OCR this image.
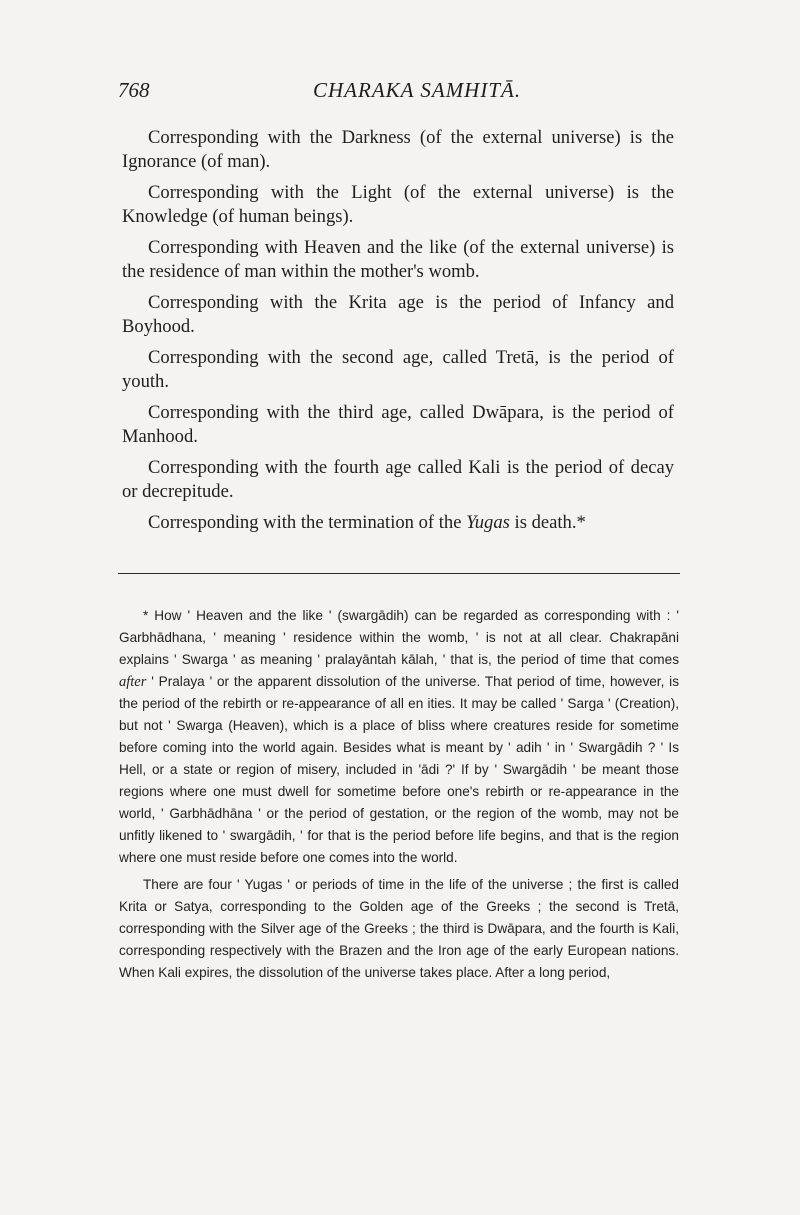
768	CHARAKA SAMHITĀ.

Corresponding with the Darkness (of the external universe) is the Ignorance (of man).

Corresponding with the Light (of the external universe) is the Knowledge (of human beings).

Corresponding with Heaven and the like (of the external universe) is the residence of man within the mother's womb.

Corresponding with the Krita age is the period of Infancy and Boyhood.

Corresponding with the second age, called Tretā, is the period of youth.

Corresponding with the third age, called Dwāpara, is the period of Manhood.

Corresponding with the fourth age called Kali is the period of decay or decrepitude.

Corresponding with the termination of the Yugas is death.*

* How ' Heaven and the like ' (swargādih) can be regarded as corresponding with : ' Garbhādhana, ' meaning ' residence within the womb, ' is not at all clear. Chakrapāni explains ' Swarga ' as meaning ' pralayāntah kālah, ' that is, the period of time that comes after ' Pralaya ' or the apparent dissolution of the universe. That period of time, however, is the period of the rebirth or re-appearance of all en ities. It may be called ' Sarga ' (Creation), but not ' Swarga (Heaven), which is a place of bliss where creatures reside for sometime before coming into the world again. Besides what is meant by ' adih ' in ' Swargādih ? ' Is Hell, or a state or region of misery, included in 'ādi ?' If by ' Swargādih ' be meant those regions where one must dwell for sometime before one's rebirth or re-appearance in the world, ' Garbhādhāna ' or the period of gestation, or the region of the womb, may not be unfitly likened to ' swargādih, ' for that is the period before life begins, and that is the region where one must reside before one comes into the world.

There are four ' Yugas ' or periods of time in the life of the universe ; the first is called Krita or Satya, corresponding to the Golden age of the Greeks ; the second is Tretā, corresponding with the Silver age of the Greeks ; the third is Dwāpara, and the fourth is Kali, corresponding respectively with the Brazen and the Iron age of the early European nations. When Kali expires, the dissolution of the universe takes place. After a long period,
